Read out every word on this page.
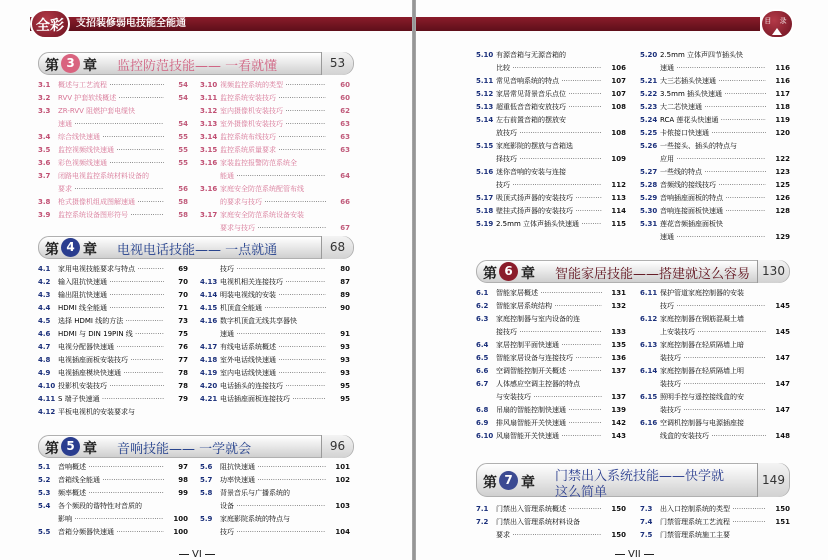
全彩	支招装修弱电技能全能通
第 3 章 监控防范技能—— 一看就懂	53
3.1 概述与工艺流程 ·····	54
3.2 RVV 护套软线概述 ·····	54
3.3 ZR-RVV 阻燃护套电缆快
速通 ·····	54
3.4 综合线快速通 ·····	55
3.5 监控视频线快速通 ·····	55
3.6 彩色视频线速通 ·····	55
3.7 闭路电视监控系统材料设备的
要求 ·····	56
3.8 枪式摄像机组成图解速通 ·····	58
3.9 监控系统设备图形符号 ·····	58
3.10 视频监控系统的类型 ·····	60
3.11 监控系统安装技巧 ·····	60
3.12 室内摄像机安装技巧 ·····	62
3.13 室外摄像机安装技巧 ·····	63
3.14 监控系统布线技巧 ·····	63
3.15 监控系统质量要求 ·····	63
3.16 家装监控报警防范系统全
能通 ·····	64
3.16 家庭安全防范系统配管布线
的要求与技巧 ·····	66
3.17 家庭安全防范系统设备安装
要求与技巧 ·····	67
第 4 章 电视电话技能—— 一点就通	68
4.1 家用电视技能要求与特点 ·····	69
4.2 输入阻抗快速通 ·····	70
4.3 输出阻抗快速通 ·····	70
4.4 HDMI 线全能通 ·····	71
4.5 选择 HDMI 线的方法 ·····	73
4.6 HDMI 与 DIN 19PIN 线 ·····	75
4.7 电视分配器快速通 ·····	76
4.8 电视插座面板安装技巧 ·····	77
4.9 电视插座模块快速通 ·····	78
4.10 投影机安装技巧 ·····	78
4.11 S 端子快速通 ·····	79
4.12 平板电视机的安装要求与
技巧 ·····	80
4.13 电视机相关连接技巧 ·····	87
4.14 明装电视线的安装 ·····	89
4.15 机顶盒全能通 ·····	90
4.16 数字机顶盒无线共享器快
速通 ·····	91
4.17 有线电话系统概述 ·····	93
4.18 室外电话线快速通 ·····	93
4.19 室内电话线快速通 ·····	93
4.20 电话插头的连接技巧 ·····	95
4.21 电话插座面板连接技巧 ·····	95
第 5 章 音响技能—— 一学就会	96
5.1 音响概述 ·····	97
5.2 音箱线全能通 ·····	98
5.3 频率概述 ·····	99
5.4 各个频段的谐特性对音质的
影响 ·····	100
5.5 音箱分频器快速通 ·····	100
5.6 阻抗快速通 ·····	101
5.7 功率快速通 ·····	102
5.8 背景音乐与广播系统的
设备 ·····	103
5.9 家庭影院系统的特点与
技巧 ·····	104
VI
目 录
5.10 有源音箱与无源音箱的
比较 ·····	106
5.11 常见音响系统的特点 ·····	107
5.12 家居常见背景音乐点位 ·····	107
5.13 超重低音音箱安放技巧 ·····	108
5.14 左右前置音箱的摆放安
放技巧 ·····	108
5.15 家庭影院的摆放与音箱选
择技巧 ·····	109
5.16 迷你音响的安装与连接
技巧 ·····	112
5.17 吸顶式扬声器的安装技巧 ·····	113
5.18 壁挂式扬声器的安装技巧 ·····	114
5.19 2.5mm 立体声插头快速通 ·····	115
5.20 2.5mm 立体声四节插头快
速通 ·····	116
5.21 大三芯插头快速通 ·····	116
5.22 3.5mm 插头快速通 ·····	117
5.23 大二芯快速通 ·····	118
5.24 RCA 莲花头快速通 ·····	119
5.25 卡侬接口快速通 ·····	120
5.26 一些接头、插头的特点与
应用 ·····	122
5.27 一些线的特点 ·····	123
5.28 音频线的接线技巧 ·····	125
5.29 音响插座面板的特点 ·····	126
5.30 音响连接面板快速通 ·····	128
5.31 莲花音频插座面板快
速通 ·····	129
第 6 章 智能家居技能——搭建就这么容易	130
6.1 智能家居概述 ·····	131
6.2 智能家居系统结构 ·····	132
6.3 家庭控制器与室内设备的连
接技巧 ·····	133
6.4 家居控制平面快速通 ·····	135
6.5 智能家居设备与连接技巧 ·····	136
6.6 空调智能控制开关概述 ·····	137
6.7 人体感应空调主控器的特点
与安装技巧 ·····	137
6.8 吊扇的智能控制快速通 ·····	139
6.9 排风扇智能开关快速通 ·····	142
6.10 风扇智能开关快速通 ·····	143
6.11 保护管道家庭控制器的安装
技巧 ·····	145
6.12 家庭控制器在钢筋混凝土墙
上安装技巧 ·····	145
6.13 家庭控制器在轻质隔墙上暗
装技巧 ·····	147
6.14 家庭控制器在轻质隔墙上明
装技巧 ·····	147
6.15 照明手控与遥控接线盒的安
装技巧 ·····	147
6.16 空调机控制器与电源插座接
线盒的安装技巧 ·····	148
第 7 章 门禁出入系统技能——快学就
这么简单
149
7.1 门禁出入管理系统概述 ·····	150
7.2 门禁出入管理系统材料设备
要求 ·····	150
7.3 出入口控制系统的类型 ·····	150
7.4 门禁管理系统工艺流程 ·····	151
7.5 门禁管理系统施工主要
VII
